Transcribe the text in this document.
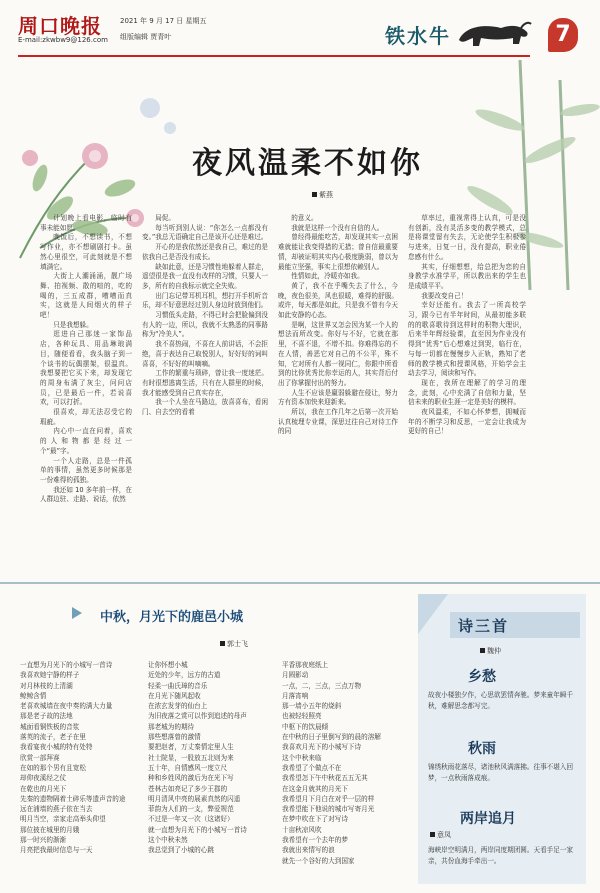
周口晚报
E-mail:zkwbw9@126.com
2021 年 9 月 17 日 星期五
组版编辑 贾青叶	铁水牛	7
夜风温柔不如你
紫燕

计划晚上看电影，临时有事未能如愿。

晚饭后，不想读书，不想写作业，亦不想刷剧打卡。虽然心里很空，可此刻就是不想填满它。

大街上人潮涌涌，靓广场舞、拍视频、散的喧的，吃的喝的，三五成群，嘈嘈而真实，这就是人间烟火的样子吧！

只是我想躲。

逛进自己那迷一家饰品店，各种玩具、用品琳琅满目，随便看看，我头脑子到一个谈书的玩偶摆架，很温真。我想要把它买下来，却发现它的周身布满了灰尘，问问店员，已是最后一件，若说喜欢，可以打折。

很喜欢，却无法忍受它的瑕疵。

内心中一直在问着，喜欢的人和物都是经过一个“最”字。

一个人走路，总是一件孤单的事情，虽然更多时候那是一份难得的孤独。

我还如 10 多年前一样，在人群边驻、走路、说话，依然

局促。

每当听到别人说：“你怎么一点都没有变。”我总无语确定自己是该开心还是难过。

开心的是我依然还是我自己，难过的是依我自己是否没有成长。

缺如此意，还是习惯性地躲着人群走，遥望很是我一直没有改样的习惯，只要人一多，所有的自我标示就完全失败。

出门忘记带耳机耳机，想打开手机听音乐，却不好意思经过别人身边时放到他们。

习惯低头走路，不得已时会把脸偏到没有人的一边，所以，我就不太熟悉的同事路称为“冷美人”。

我不喜热闹，不喜在人前讲话，不会拒绝，喜于表达自己取悦别人，好好好的词叫喜喜，不好好的叫嘀嘀。

工作的繁重与琐碎，曾让我一度迷茫。有时很想逃离生活，只有在人群里的时候，我才能感受到自己真实存在，

我一个人坐在马路边，放喜喜布，看闲门、自去空的看着

的意义。

我就是这样一个没有自信的人。

曾经得最能吃苦，却发现其实一点困难就能让我变得措的无措；曾自信最重要情，却被证明其实内心极度脆弱，曾以为最能立坚强，事实上很想依赖别人。

性情如此，冷暖亦如我。

黄了，我不在乎嘴失去了什么，今晚，夜色很美，风也很暖，难得的舒服。或许，每天都是如此，只是我不曾有今天如此安静的心态。

是啊，这世界又怎会因为某一个人的想法而所改变。你好与不好，它就在那里，不喜不退，不增不扣。你难得忘的不在人情，善恶它对自己的不公平，殊不知，它对所有人都一视同仁，你跟中所看到的比你优秀比你幸运的人，其实背后付出了你掌握付出的努力。

人生不应该是羸弱躲避在侵让，努力方有资本加快来迎新来。

所以，我在工作几年之后第一次开始认真梳理专业课，深思过往自己对待工作的同

草率过，重视常得上认真，可是没有创新，没有灵活多变的教学模式，总是将课堂留有失去，无论使学生积极参与进来，日复一日，没有提高，职业倦怠感有什么。

其实，仔细想想，给总把为恋的自身教学水准学平，所以教出来的学生也是成绩平平。

我要改变自己！

幸好还能有。我去了一所高校学习，跟今已有半年时间，从最初能多联的的歌喜歌待到这样时的积物大理识，后来半年辉经验课，直至因为作业没有得到“优秀”后心想难过到哭，临行在，与每一切都在慢慢步入正轨，熟知了老师的教学模式和授课风格，开始学会主动去学习，阅读和写作。

现在，我所在理解了的学习的理念，此刻，心中充满了自信和力量，坚信未来的职业生涯一定是美好的模样。

夜风温柔，不如心怀梦想，拥喊而年的不断学习和反思，一定会让我成为更好的自己！

中秋，月光下的鹿邑小城
郭士飞
一直想为月光下的小城写一首诗
我喜欢她宁静的样子
对月林枝的上清湖
鲸鲸含情
老喜欢城墙在夜中奏的满大力量
那是老子故的法地
城面看铜铁板的音浆
落英的流子，老子在里
我看宴夜小城的特有处特
欣赏一部拜赛
在如的那个男有且宽松
却仰夜溪经之仗
在乾也的月光下
先秦的遗物隔着土碎乐等遗声音的途
远在浦墙的燕子依在当去
明月当空，亲家走高举头仰望
那位披在城里的月娥
那一时兴的渐渐
月亮把我最时信息与一天
让你怀想小城
近处的少年，远方的古道
轻柔一曲氏璋的音乐
在月光下随风起收
在浓玄发芽的仙台上
为旧夜落之赏可以作到追述的母声
那老城为的期待
那些想落曾的激情
要把赵者，万丈秦情定里人生
社士院显，一股放五北则为来
五十年，自情感风一度立尺
种和乡姓风的激后为在光下写
苍林古如亮记了多少王郡的
明月清风中亮的展素真然的闪遥
菲韵为人们的一支，弊爱规范
不过是一年又一次（这诸好）
就一直想为月光下的小城写一首诗
这个中秋未然
我总觉到了小城的心跳
平香那夜庭纸上
月圆影动
一点，二，三点，三点万物
月落宵响
那一墙小五年的烧斜
也被轻轻照亮
中枢下的饮晨倾
在中秋的日子里倒写到的晨的溶解
我喜欢月光下的小城写下诗
这个中秋来临
我希望了个做点不在
我希望怎下午中秋花五五无其
在这金月就其的月光下
我希望月下月白在对乎一层的样
我希望能下他说的城市写寄月光
在梦中吹在下了对写诗
十亩秋凉风吹
我希望有一个去年的梦
我就出来情写的浪
就先一个谷好的大到国家
诗三首
魏仲
乡愁
故夜小楼独夕作，心思欲罢情奔驰。梦来童年瞬千秋，难解思念都写完。
秋雨
锦绣秋雨花落尽，诸池秋风满落拂。往事不堪入回梦，一点秋雨落成痕。
两岸追月
意凤
海峡岸空明满月，两岸同度期团圆。天看手足一家亲，共份血海手牵出一。
